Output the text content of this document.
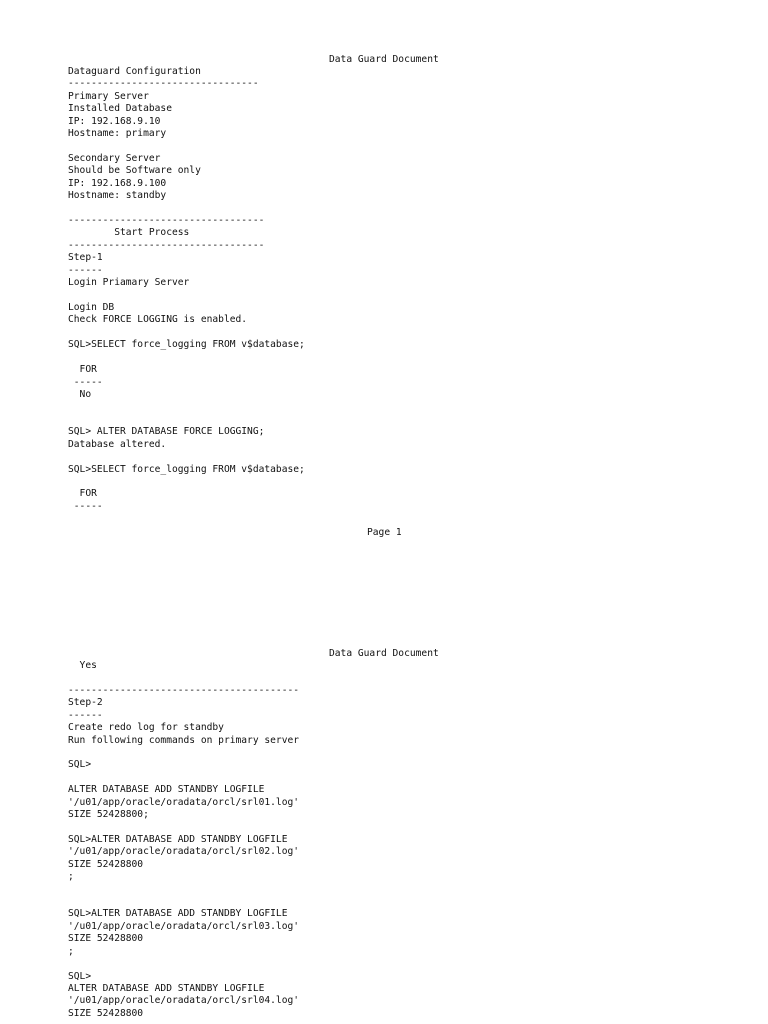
Data Guard Document
Dataguard Configuration
---------------------------------
Primary Server
Installed Database
IP: 192.168.9.10
Hostname: primary

Secondary Server
Should be Software only
IP: 192.168.9.100
Hostname: standby

----------------------------------
Start Process
----------------------------------
Step-1
------
Login Priamary Server

Login DB
Check FORCE LOGGING is enabled.

SQL>SELECT force_logging FROM v$database;

FOR
-----
No

SQL> ALTER DATABASE FORCE LOGGING;
Database altered.

SQL>SELECT force_logging FROM v$database;

FOR
-----
Page 1
Data Guard Document
Yes

----------------------------------------
Step-2
------
Create redo log for standby
Run following commands on primary server

SQL>

ALTER DATABASE ADD STANDBY LOGFILE
'/u01/app/oracle/oradata/orcl/srl01.log'
SIZE 52428800;

SQL>ALTER DATABASE ADD STANDBY LOGFILE
'/u01/app/oracle/oradata/orcl/srl02.log'
SIZE 52428800
;

SQL>ALTER DATABASE ADD STANDBY LOGFILE
'/u01/app/oracle/oradata/orcl/srl03.log'
SIZE 52428800
;

SQL>
ALTER DATABASE ADD STANDBY LOGFILE
'/u01/app/oracle/oradata/orcl/srl04.log'
SIZE 52428800
